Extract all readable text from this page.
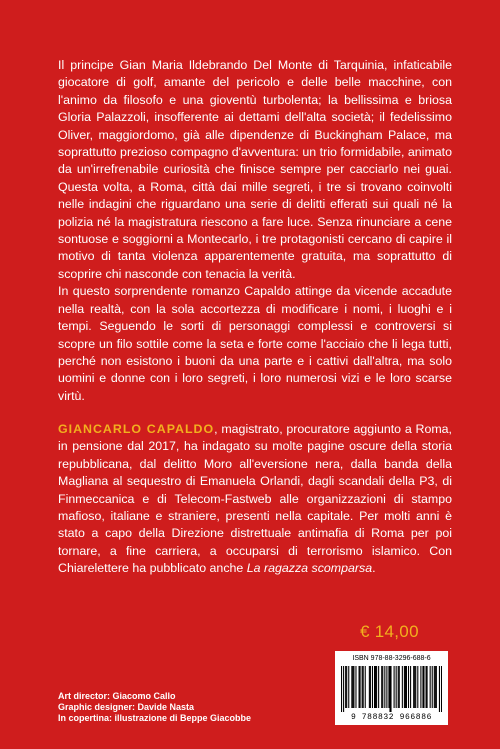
Il principe Gian Maria Ildebrando Del Monte di Tarquinia, infaticabile giocatore di golf, amante del pericolo e delle belle macchine, con l'animo da filosofo e una gioventù turbolenta; la bellissima e briosa Gloria Palazzoli, insofferente ai dettami dell'alta società; il fedelissimo Oliver, maggiordomo, già alle dipendenze di Buckingham Palace, ma soprattutto prezioso compagno d'avventura: un trio formidabile, animato da un'irrefrenabile curiosità che finisce sempre per cacciarlo nei guai. Questa volta, a Roma, città dai mille segreti, i tre si trovano coinvolti nelle indagini che riguardano una serie di delitti efferati sui quali né la polizia né la magistratura riescono a fare luce. Senza rinunciare a cene sontuose e soggiorni a Montecarlo, i tre protagonisti cercano di capire il motivo di tanta violenza apparentemente gratuita, ma soprattutto di scoprire chi nasconde con tenacia la verità.

In questo sorprendente romanzo Capaldo attinge da vicende accadute nella realtà, con la sola accortezza di modificare i nomi, i luoghi e i tempi. Seguendo le sorti di personaggi complessi e controversi si scopre un filo sottile come la seta e forte come l'acciaio che li lega tutti, perché non esistono i buoni da una parte e i cattivi dall'altra, ma solo uomini e donne con i loro segreti, i loro numerosi vizi e le loro scarse virtù.

GIANCARLO CAPALDO, magistrato, procuratore aggiunto a Roma, in pensione dal 2017, ha indagato su molte pagine oscure della storia repubblicana, dal delitto Moro all'eversione nera, dalla banda della Magliana al sequestro di Emanuela Orlandi, dagli scandali della P3, di Finmeccanica e di Telecom-Fastweb alle organizzazioni di stampo mafioso, italiane e straniere, presenti nella capitale. Per molti anni è stato a capo della Direzione distrettuale antimafia di Roma per poi tornare, a fine carriera, a occuparsi di terrorismo islamico. Con Chiarelettere ha pubblicato anche La ragazza scomparsa.

€ 14,00
ISBN 978-88-3296-688-6
9 788832 966886
Art director: Giacomo Callo
Graphic designer: Davide Nasta
In copertina: illustrazione di Beppe Giacobbe
